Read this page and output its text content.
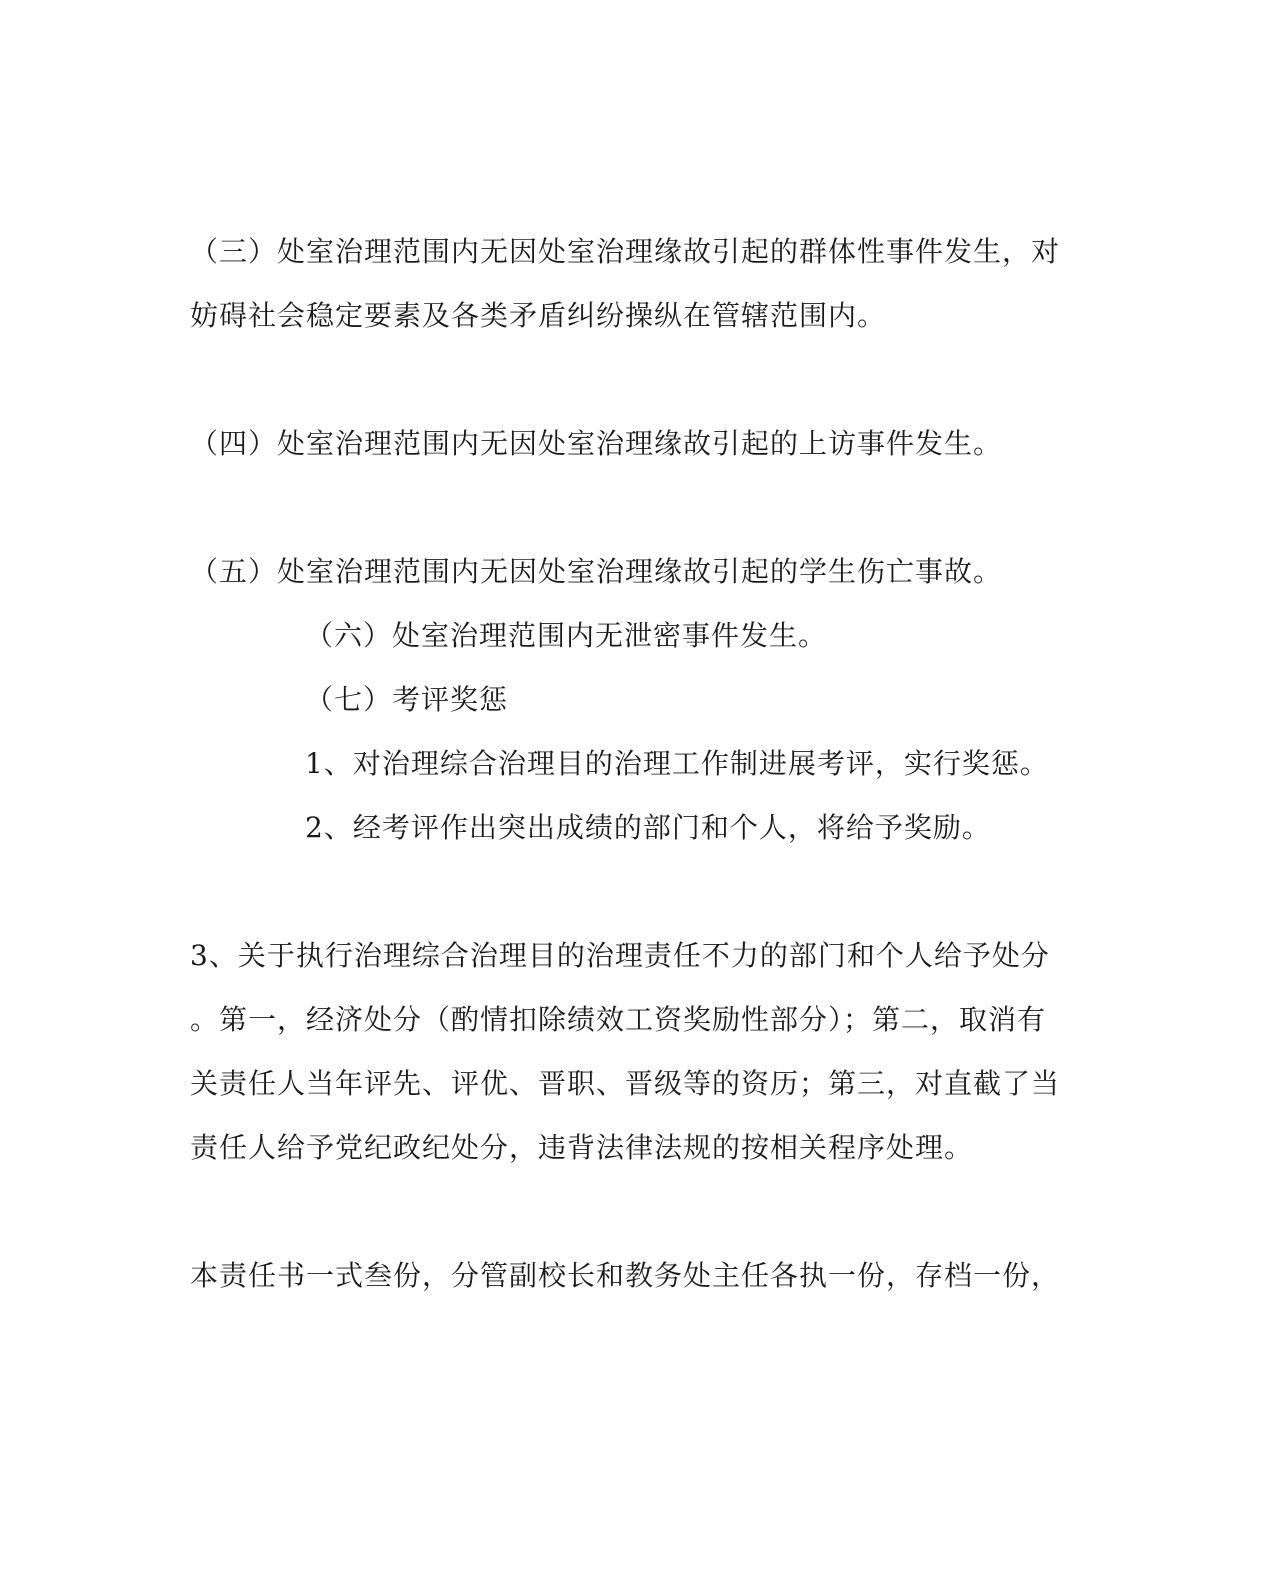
（三）处室治理范围内无因处室治理缘故引起的群体性事件发生，对
妨碍社会稳定要素及各类矛盾纠纷操纵在管辖范围内。
（四）处室治理范围内无因处室治理缘故引起的上访事件发生。
（五）处室治理范围内无因处室治理缘故引起的学生伤亡事故。
（六）处室治理范围内无泄密事件发生。
（七）考评奖惩
1、对治理综合治理目的治理工作制进展考评，实行奖惩。
2、经考评作出突出成绩的部门和个人，将给予奖励。
3、关于执行治理综合治理目的治理责任不力的部门和个人给予处分
。第一，经济处分（酌情扣除绩效工资奖励性部分）；第二，取消有
关责任人当年评先、评优、晋职、晋级等的资历；第三，对直截了当
责任人给予党纪政纪处分，违背法律法规的按相关程序处理。
本责任书一式叁份，分管副校长和教务处主任各执一份，存档一份，
